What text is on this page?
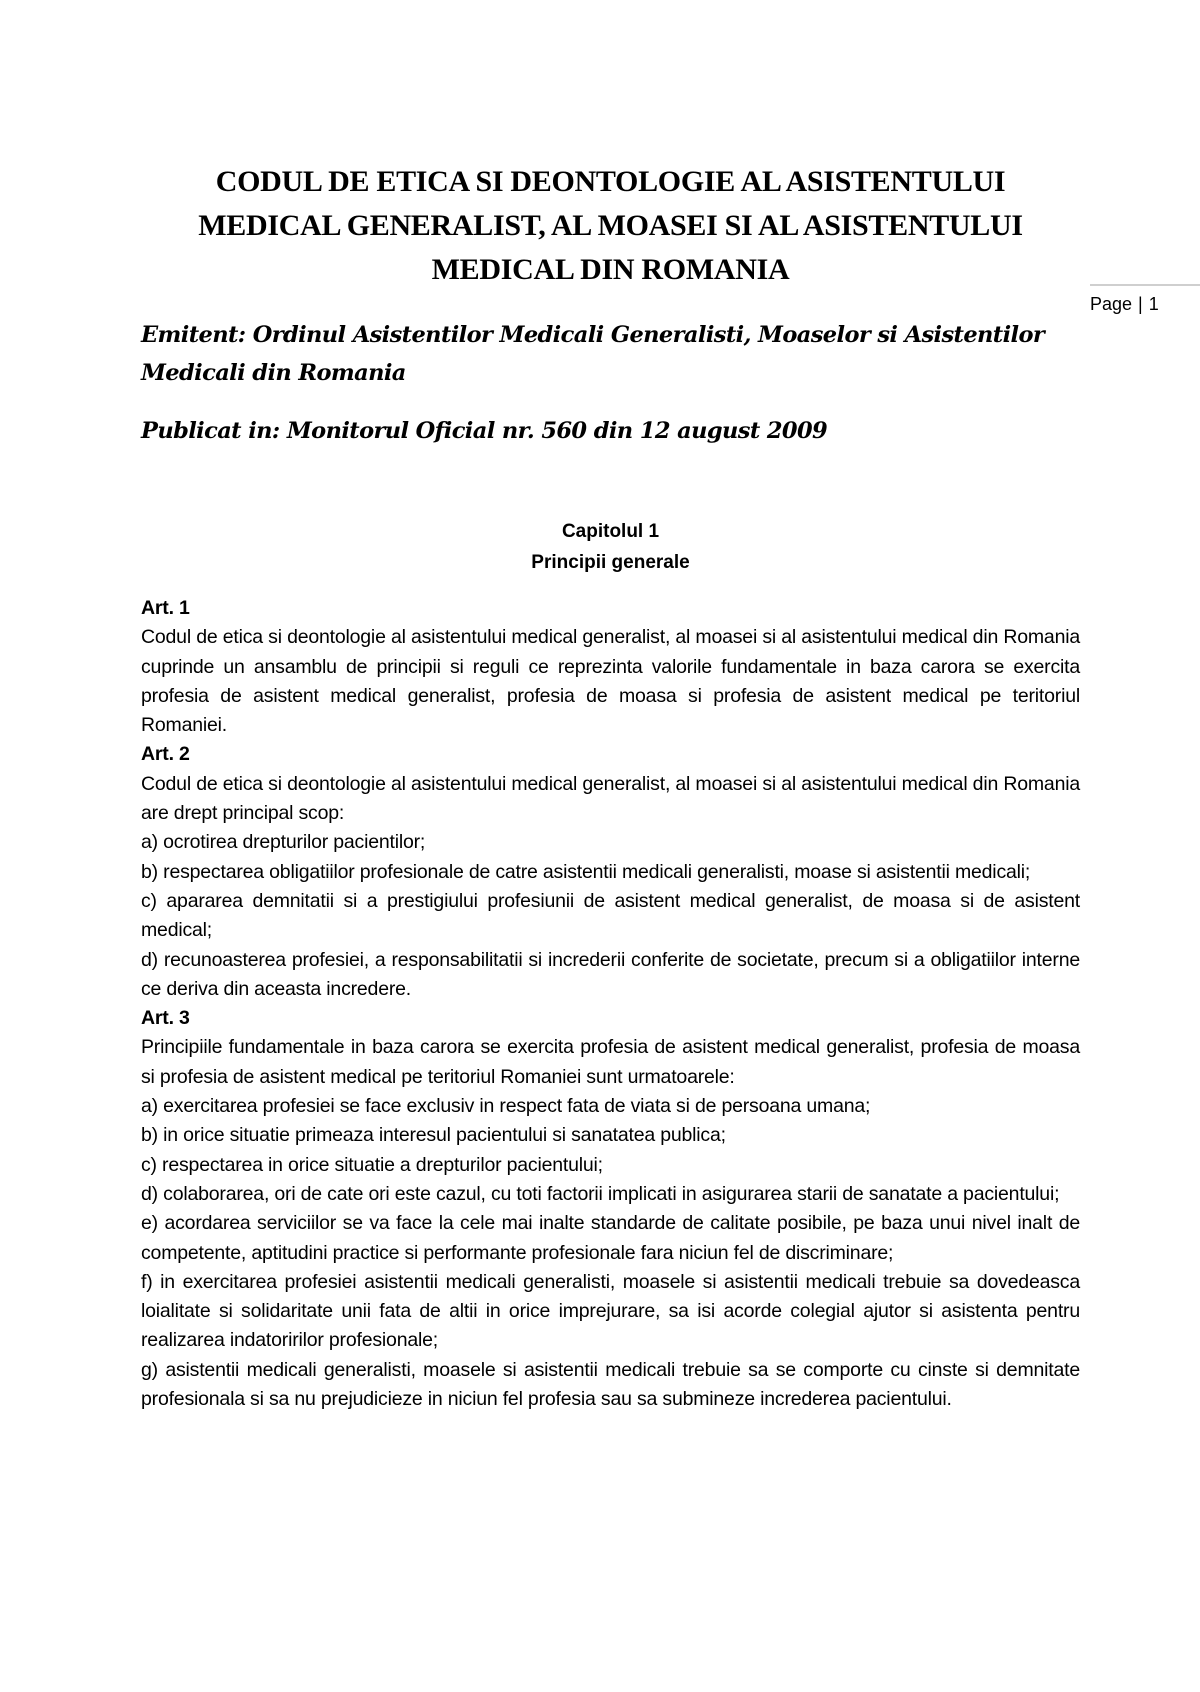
Page | 1
CODUL DE ETICA SI DEONTOLOGIE AL ASISTENTULUI MEDICAL GENERALIST, AL MOASEI SI AL ASISTENTULUI MEDICAL DIN ROMANIA

Emitent: Ordinul Asistentilor Medicali Generalisti, Moaselor si Asistentilor Medicali din Romania

Publicat in: Monitorul Oficial nr. 560 din 12 august 2009

Capitolul 1
Principii generale
Art. 1

Codul de etica si deontologie al asistentului medical generalist, al moasei si al asistentului medical din Romania cuprinde un ansamblu de principii si reguli ce reprezinta valorile fundamentale in baza carora se exercita profesia de asistent medical generalist, profesia de moasa si profesia de asistent medical pe teritoriul Romaniei.

Art. 2

Codul de etica si deontologie al asistentului medical generalist, al moasei si al asistentului medical din Romania are drept principal scop:

a) ocrotirea drepturilor pacientilor;

b) respectarea obligatiilor profesionale de catre asistentii medicali generalisti, moase si asistentii medicali;

c) apararea demnitatii si a prestigiului profesiunii de asistent medical generalist, de moasa si de asistent medical;

d) recunoasterea profesiei, a responsabilitatii si increderii conferite de societate, precum si a obligatiilor interne ce deriva din aceasta incredere.

Art. 3

Principiile fundamentale in baza carora se exercita profesia de asistent medical generalist, profesia de moasa si profesia de asistent medical pe teritoriul Romaniei sunt urmatoarele:

a) exercitarea profesiei se face exclusiv in respect fata de viata si de persoana umana;

b) in orice situatie primeaza interesul pacientului si sanatatea publica;

c) respectarea in orice situatie a drepturilor pacientului;

d) colaborarea, ori de cate ori este cazul, cu toti factorii implicati in asigurarea starii de sanatate a pacientului;

e) acordarea serviciilor se va face la cele mai inalte standarde de calitate posibile, pe baza unui nivel inalt de competente, aptitudini practice si performante profesionale fara niciun fel de discriminare;

f) in exercitarea profesiei asistentii medicali generalisti, moasele si asistentii medicali trebuie sa dovedeasca loialitate si solidaritate unii fata de altii in orice imprejurare, sa isi acorde colegial ajutor si asistenta pentru realizarea indatoririlor profesionale;

g) asistentii medicali generalisti, moasele si asistentii medicali trebuie sa se comporte cu cinste si demnitate profesionala si sa nu prejudicieze in niciun fel profesia sau sa submineze increderea pacientului.
